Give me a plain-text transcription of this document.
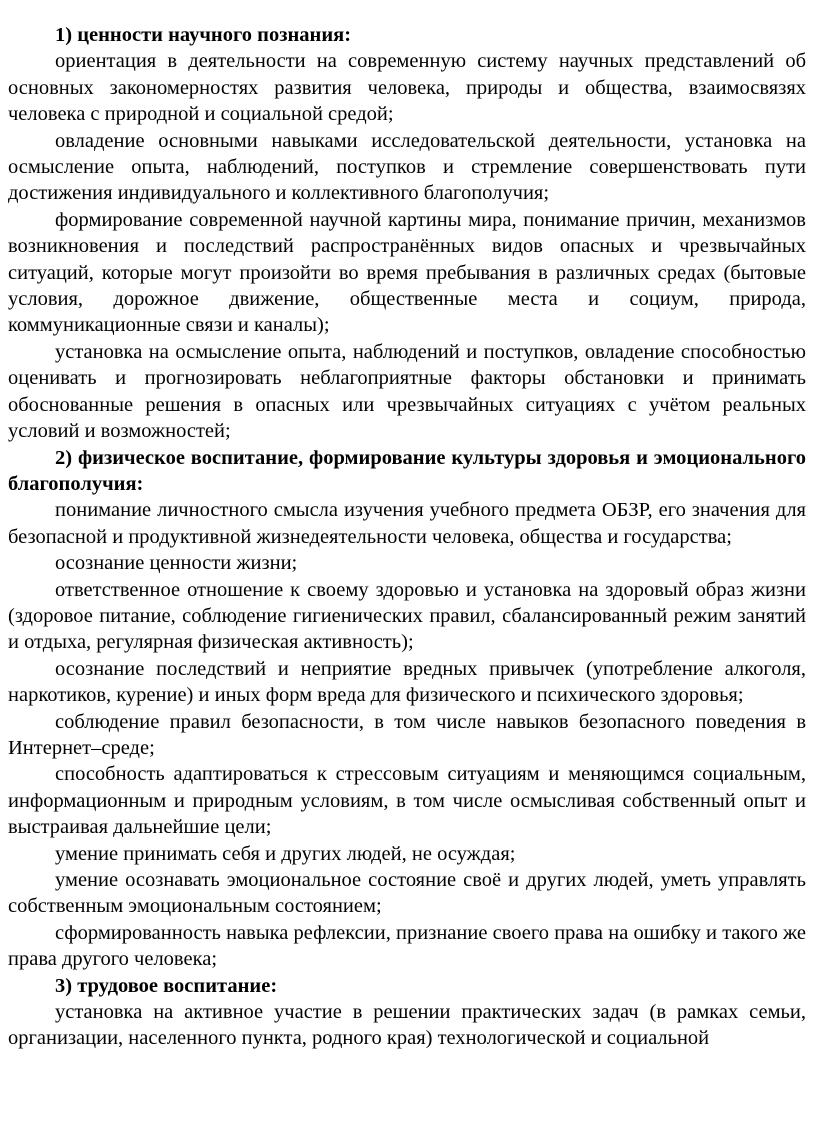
1) ценности научного познания:

ориентация в деятельности на современную систему научных представлений об основных закономерностях развития человека, природы и общества, взаимосвязях человека с природной и социальной средой;

овладение основными навыками исследовательской деятельности, установка на осмысление опыта, наблюдений, поступков и стремление совершенствовать пути достижения индивидуального и коллективного благополучия;

формирование современной научной картины мира, понимание причин, механизмов возникновения и последствий распространённых видов опасных и чрезвычайных ситуаций, которые могут произойти во время пребывания в различных средах (бытовые условия, дорожное движение, общественные места и социум, природа, коммуникационные связи и каналы);

установка на осмысление опыта, наблюдений и поступков, овладение способностью оценивать и прогнозировать неблагоприятные факторы обстановки и принимать обоснованные решения в опасных или чрезвычайных ситуациях с учётом реальных условий и возможностей;

2) физическое воспитание, формирование культуры здоровья и эмоционального благополучия:

понимание личностного смысла изучения учебного предмета ОБЗР, его значения для безопасной и продуктивной жизнедеятельности человека, общества и государства;

осознание ценности жизни;

ответственное отношение к своему здоровью и установка на здоровый образ жизни (здоровое питание, соблюдение гигиенических правил, сбалансированный режим занятий и отдыха, регулярная физическая активность);

осознание последствий и неприятие вредных привычек (употребление алкоголя, наркотиков, курение) и иных форм вреда для физического и психического здоровья;

соблюдение правил безопасности, в том числе навыков безопасного поведения в Интернет–среде;

способность адаптироваться к стрессовым ситуациям и меняющимся социальным, информационным и природным условиям, в том числе осмысливая собственный опыт и выстраивая дальнейшие цели;

умение принимать себя и других людей, не осуждая;

умение осознавать эмоциональное состояние своё и других людей, уметь управлять собственным эмоциональным состоянием;

сформированность навыка рефлексии, признание своего права на ошибку и такого же права другого человека;

3) трудовое воспитание:

установка на активное участие в решении практических задач (в рамках семьи, организации, населенного пункта, родного края) технологической и социальной
